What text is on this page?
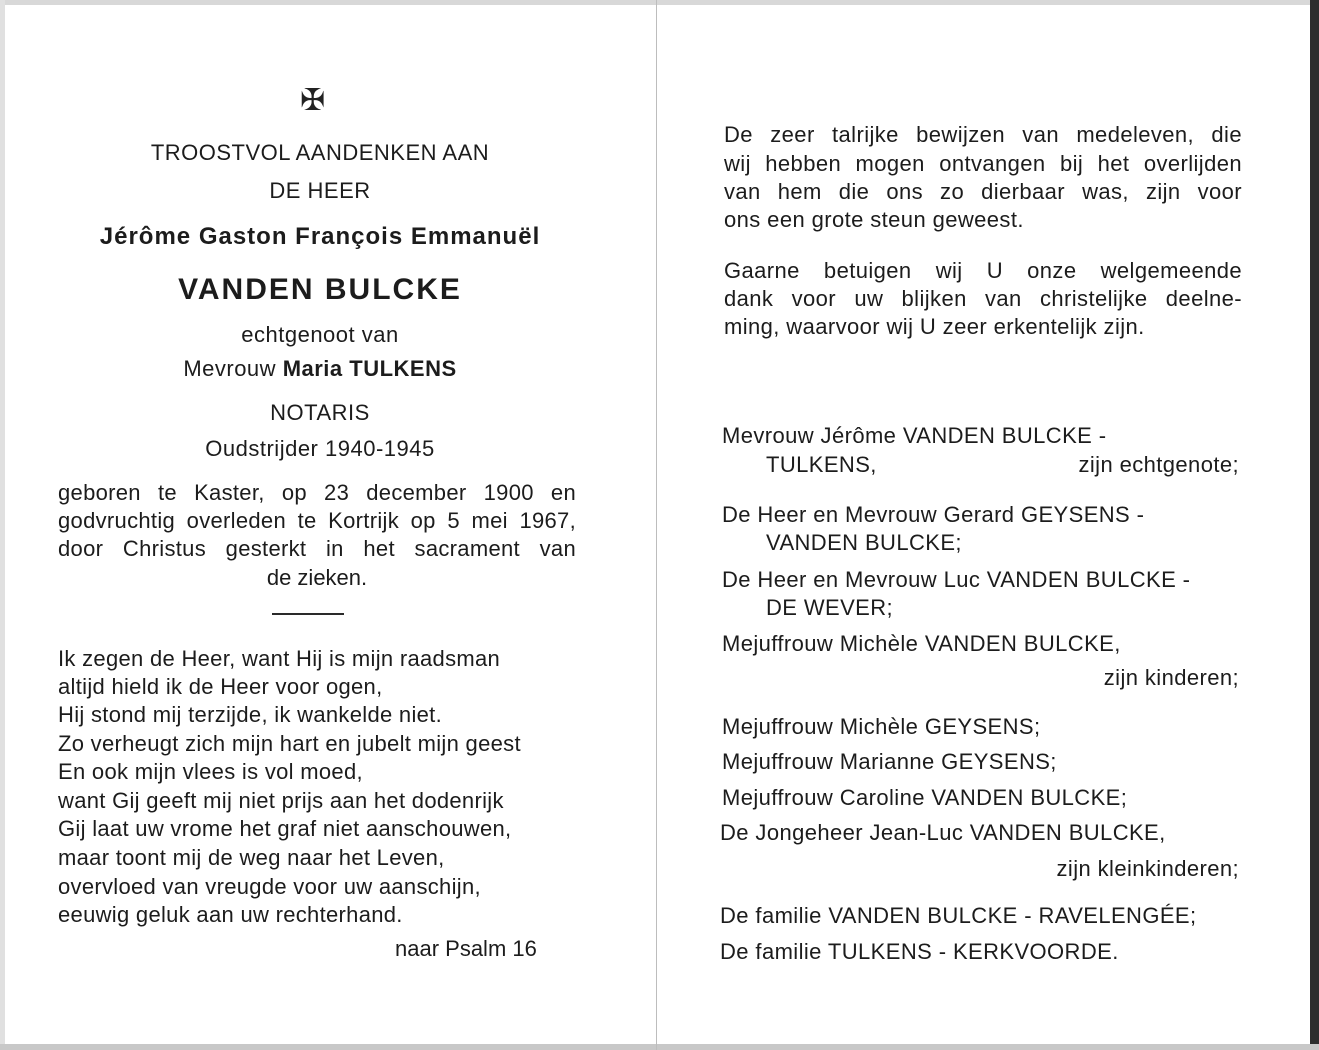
✠
TROOSTVOL AANDENKEN AAN
DE HEER
Jérôme Gaston François Emmanuël
VANDEN BULCKE
echtgenoot van
Mevrouw Maria TULKENS
NOTARIS
Oudstrijder 1940-1945
geboren te Kaster, op 23 december 1900 en
godvruchtig overleden te Kortrijk op 5 mei 1967,
door Christus gesterkt in het sacrament van
de zieken.
Ik zegen de Heer, want Hij is mijn raadsman
altijd hield ik de Heer voor ogen,
Hij stond mij terzijde, ik wankelde niet.
Zo verheugt zich mijn hart en jubelt mijn geest
En ook mijn vlees is vol moed,
want Gij geeft mij niet prijs aan het dodenrijk
Gij laat uw vrome het graf niet aanschouwen,
maar toont mij de weg naar het Leven,
overvloed van vreugde voor uw aanschijn,
eeuwig geluk aan uw rechterhand.
naar Psalm 16
De zeer talrijke bewijzen van medeleven, die
wij hebben mogen ontvangen bij het overlijden
van hem die ons zo dierbaar was, zijn voor
ons een grote steun geweest.
Gaarne betuigen wij U onze welgemeende
dank voor uw blijken van christelijke deelne-
ming, waarvoor wij U zeer erkentelijk zijn.
Mevrouw Jérôme VANDEN BULCKE -
TULKENS,	zijn echtgenote;
De Heer en Mevrouw Gerard GEYSENS -
VANDEN BULCKE;
De Heer en Mevrouw Luc VANDEN BULCKE -
DE WEVER;
Mejuffrouw Michèle VANDEN BULCKE,
zijn kinderen;
Mejuffrouw Michèle GEYSENS;
Mejuffrouw Marianne GEYSENS;
Mejuffrouw Caroline VANDEN BULCKE;
De Jongeheer Jean-Luc VANDEN BULCKE,
zijn kleinkinderen;
De familie VANDEN BULCKE - RAVELENGÉE;
De familie TULKENS - KERKVOORDE.
